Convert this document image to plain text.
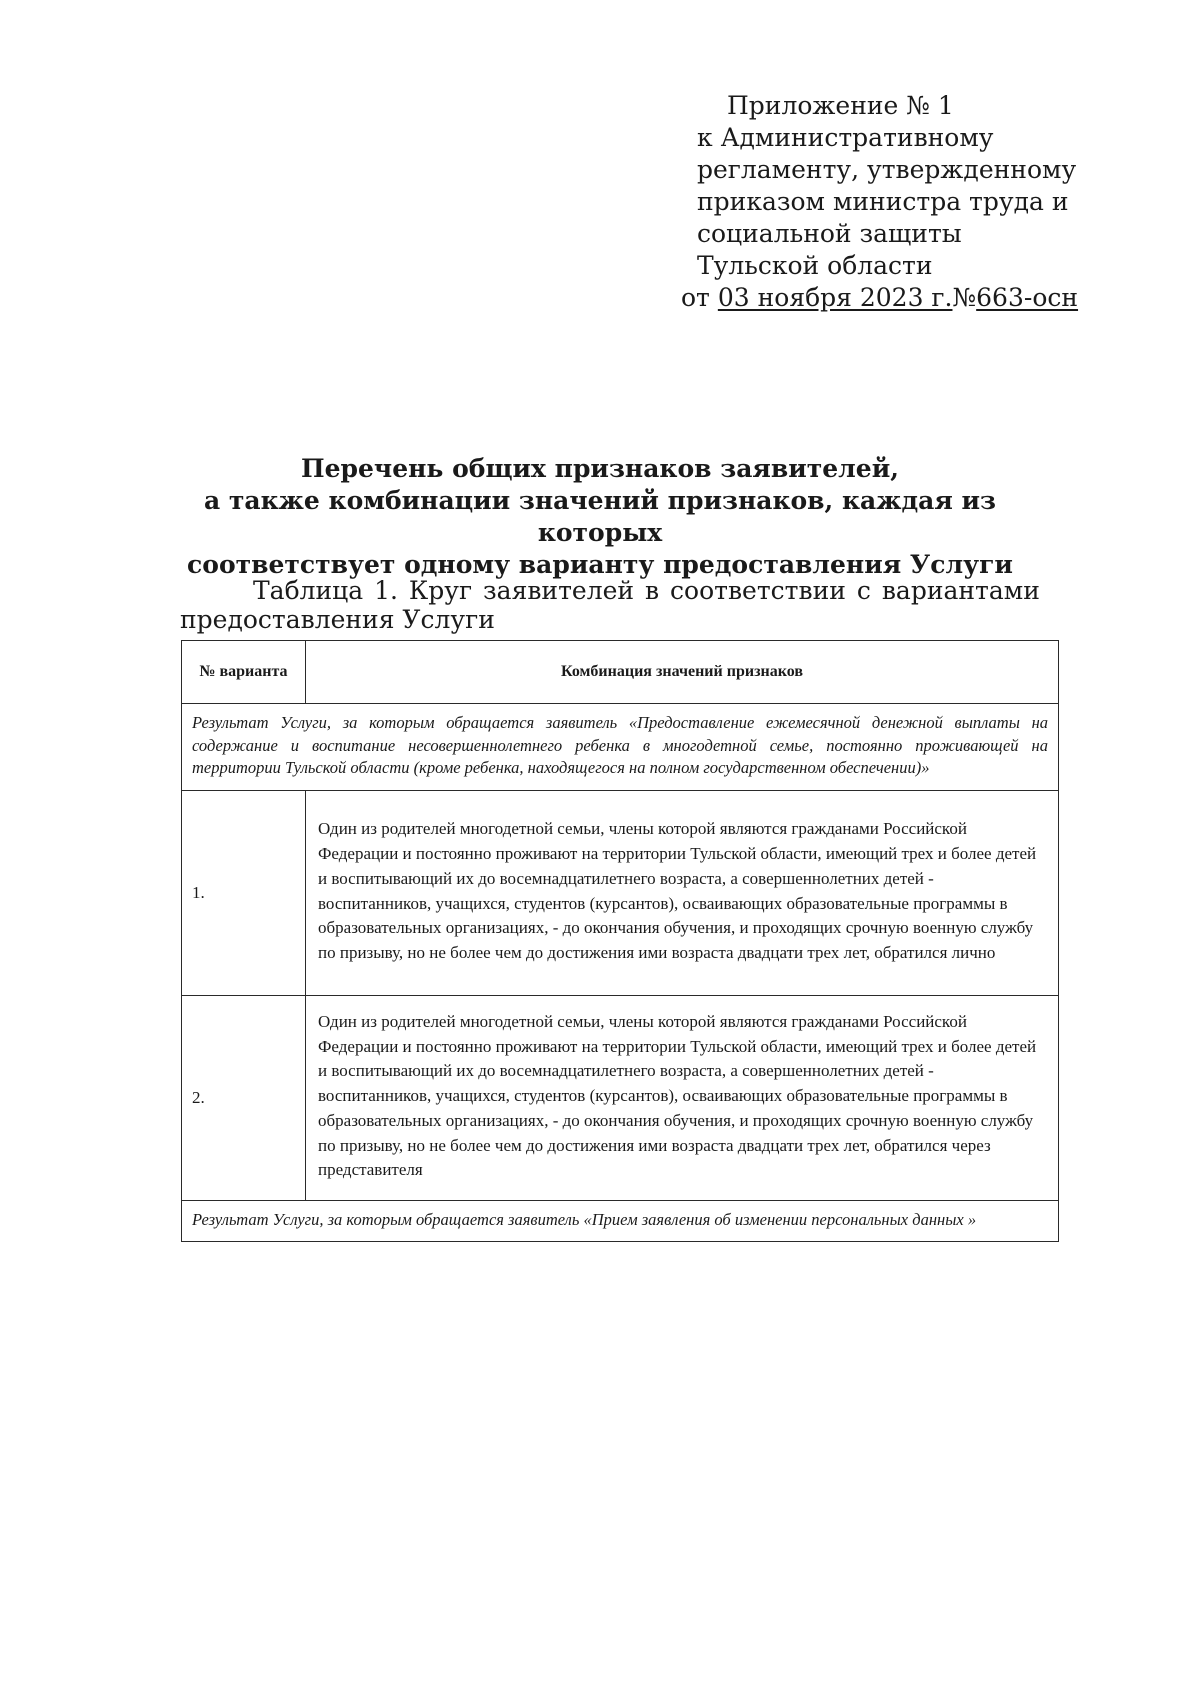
Приложение № 1
к Административному
регламенту, утвержденному
приказом министра труда и
социальной защиты
Тульской области
от 03 ноября 2023 г.№663-осн
Перечень общих признаков заявителей,
а также комбинации значений признаков, каждая из которых
соответствует одному варианту предоставления Услуги
Таблица 1. Круг заявителей в соответствии с вариантами
предоставления Услуги
№ варианта	Комбинация значений признаков
Результат Услуги, за которым обращается заявитель «Предоставление ежемесячной денежной выплаты на содержание и воспитание несовершеннолетнего ребенка в многодетной семье, постоянно проживающей на территории Тульской области (кроме ребенка, находящегося на полном государственном обеспечении)»	
1.	Один из родителей многодетной семьи, члены которой являются гражданами Российской Федерации и постоянно проживают на территории Тульской области, имеющий трех и более детей и воспитывающий их до восемнадцатилетнего возраста, а совершеннолетних детей - воспитанников, учащихся, студентов (курсантов), осваивающих образовательные программы в образовательных организациях, - до окончания обучения, и проходящих срочную военную службу по призыву, но не более чем до достижения ими возраста двадцати трех лет, обратился лично
2.	Один из родителей многодетной семьи, члены которой являются гражданами Российской Федерации и постоянно проживают на территории Тульской области, имеющий трех и более детей и воспитывающий их до восемнадцатилетнего возраста, а совершеннолетних детей - воспитанников, учащихся, студентов (курсантов), осваивающих образовательные программы в образовательных организациях, - до окончания обучения, и проходящих срочную военную службу по призыву, но не более чем до достижения ими возраста двадцати трех лет, обратился через представителя
Результат Услуги, за которым обращается заявитель «Прием заявления об изменении персональных данных »	
